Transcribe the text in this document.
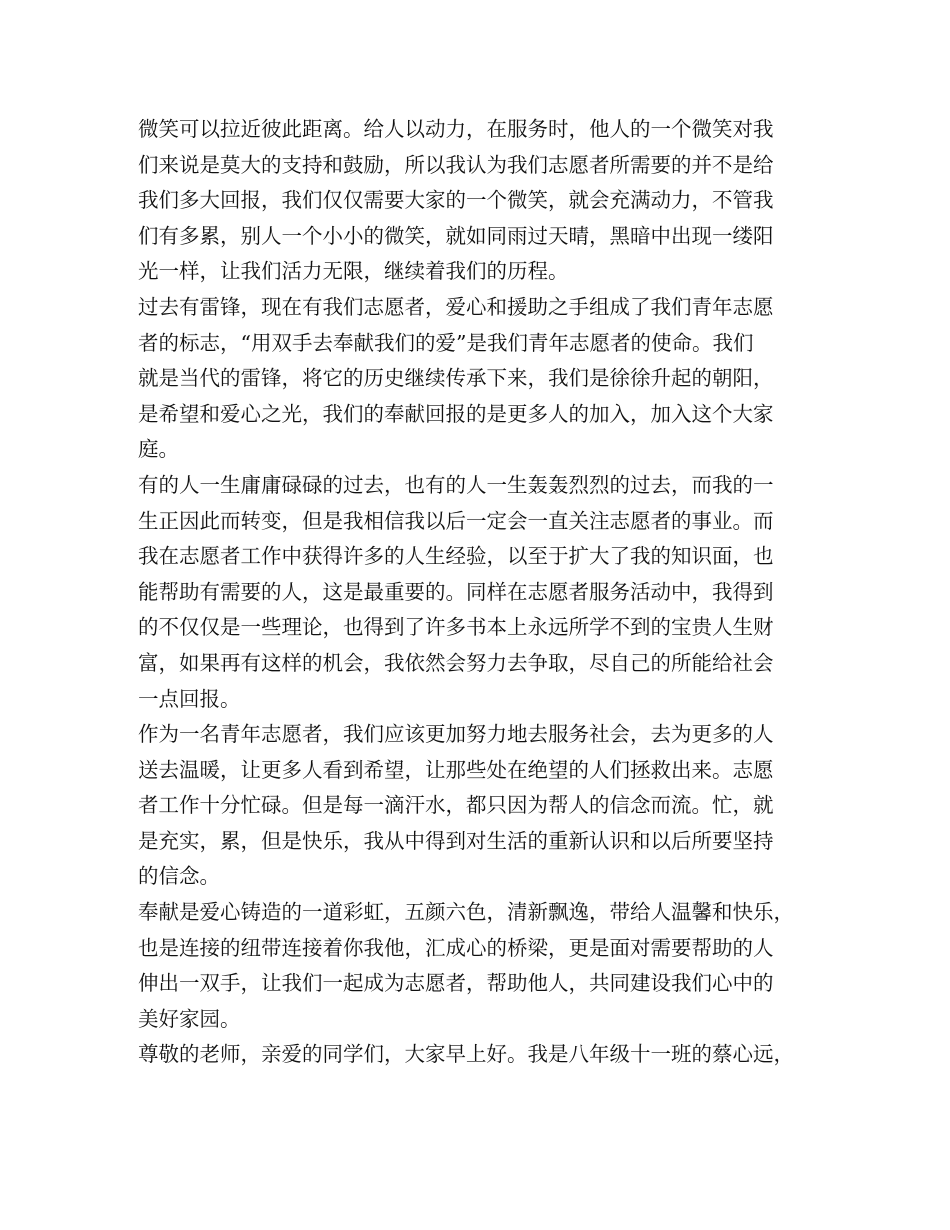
微笑可以拉近彼此距离。给人以动力，在服务时，他人的一个微笑对我
们来说是莫大的支持和鼓励，所以我认为我们志愿者所需要的并不是给
我们多大回报，我们仅仅需要大家的一个微笑，就会充满动力，不管我
们有多累，别人一个小小的微笑，就如同雨过天晴，黑暗中出现一缕阳
光一样，让我们活力无限，继续着我们的历程。
过去有雷锋，现在有我们志愿者，爱心和援助之手组成了我们青年志愿
者的标志，“用双手去奉献我们的爱”是我们青年志愿者的使命。我们
就是当代的雷锋，将它的历史继续传承下来，我们是徐徐升起的朝阳，
是希望和爱心之光，我们的奉献回报的是更多人的加入，加入这个大家
庭。
有的人一生庸庸碌碌的过去，也有的人一生轰轰烈烈的过去，而我的一
生正因此而转变，但是我相信我以后一定会一直关注志愿者的事业。而
我在志愿者工作中获得许多的人生经验，以至于扩大了我的知识面，也
能帮助有需要的人，这是最重要的。同样在志愿者服务活动中，我得到
的不仅仅是一些理论，也得到了许多书本上永远所学不到的宝贵人生财
富，如果再有这样的机会，我依然会努力去争取，尽自己的所能给社会
一点回报。
作为一名青年志愿者，我们应该更加努力地去服务社会，去为更多的人
送去温暖，让更多人看到希望，让那些处在绝望的人们拯救出来。志愿
者工作十分忙碌。但是每一滴汗水，都只因为帮人的信念而流。忙，就
是充实，累，但是快乐，我从中得到对生活的重新认识和以后所要坚持
的信念。
奉献是爱心铸造的一道彩虹，五颜六色，清新飘逸，带给人温馨和快乐，
也是连接的纽带连接着你我他，汇成心的桥梁，更是面对需要帮助的人
伸出一双手，让我们一起成为志愿者，帮助他人，共同建设我们心中的
美好家园。
尊敬的老师，亲爱的同学们，大家早上好。我是八年级十一班的蔡心远，
